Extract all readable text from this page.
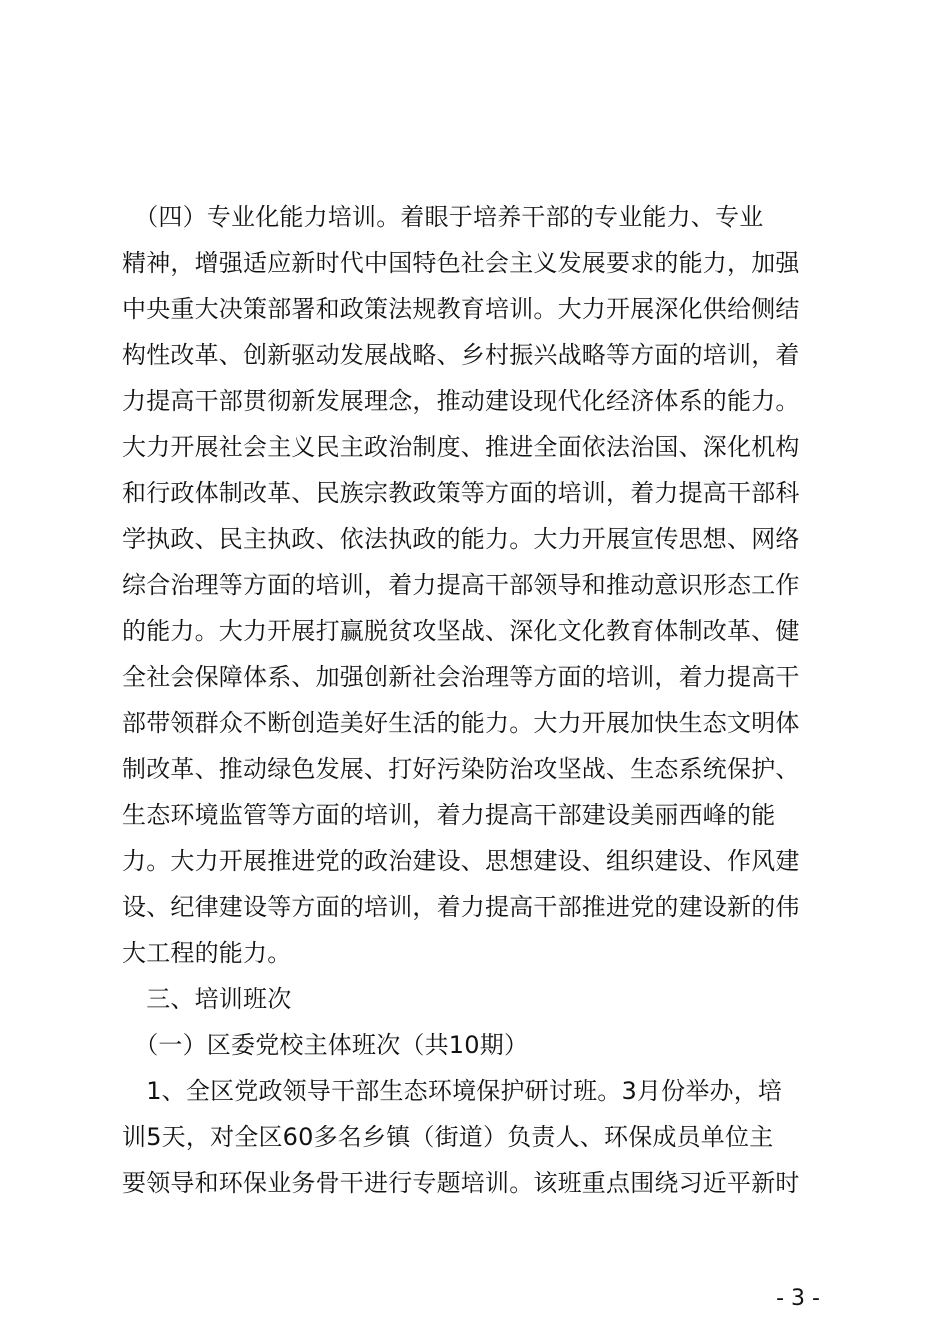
　（四）专业化能力培训。着眼于培养干部的专业能力、专业
精神，增强适应新时代中国特色社会主义发展要求的能力，加强
中央重大决策部署和政策法规教育培训。大力开展深化供给侧结
构性改革、创新驱动发展战略、乡村振兴战略等方面的培训，着
力提高干部贯彻新发展理念，推动建设现代化经济体系的能力。
大力开展社会主义民主政治制度、推进全面依法治国、深化机构
和行政体制改革、民族宗教政策等方面的培训，着力提高干部科
学执政、民主执政、依法执政的能力。大力开展宣传思想、网络
综合治理等方面的培训，着力提高干部领导和推动意识形态工作
的能力。大力开展打赢脱贫攻坚战、深化文化教育体制改革、健
全社会保障体系、加强创新社会治理等方面的培训，着力提高干
部带领群众不断创造美好生活的能力。大力开展加快生态文明体
制改革、推动绿色发展、打好污染防治攻坚战、生态系统保护、
生态环境监管等方面的培训，着力提高干部建设美丽西峰的能
力。大力开展推进党的政治建设、思想建设、组织建设、作风建
设、纪律建设等方面的培训，着力提高干部推进党的建设新的伟
大工程的能力。
　三、培训班次
　（一）区委党校主体班次（共10期）
　1、全区党政领导干部生态环境保护研讨班。3月份举办，培
训5天，对全区60多名乡镇（街道）负责人、环保成员单位主
要领导和环保业务骨干进行专题培训。该班重点围绕习近平新时
- 3 -
